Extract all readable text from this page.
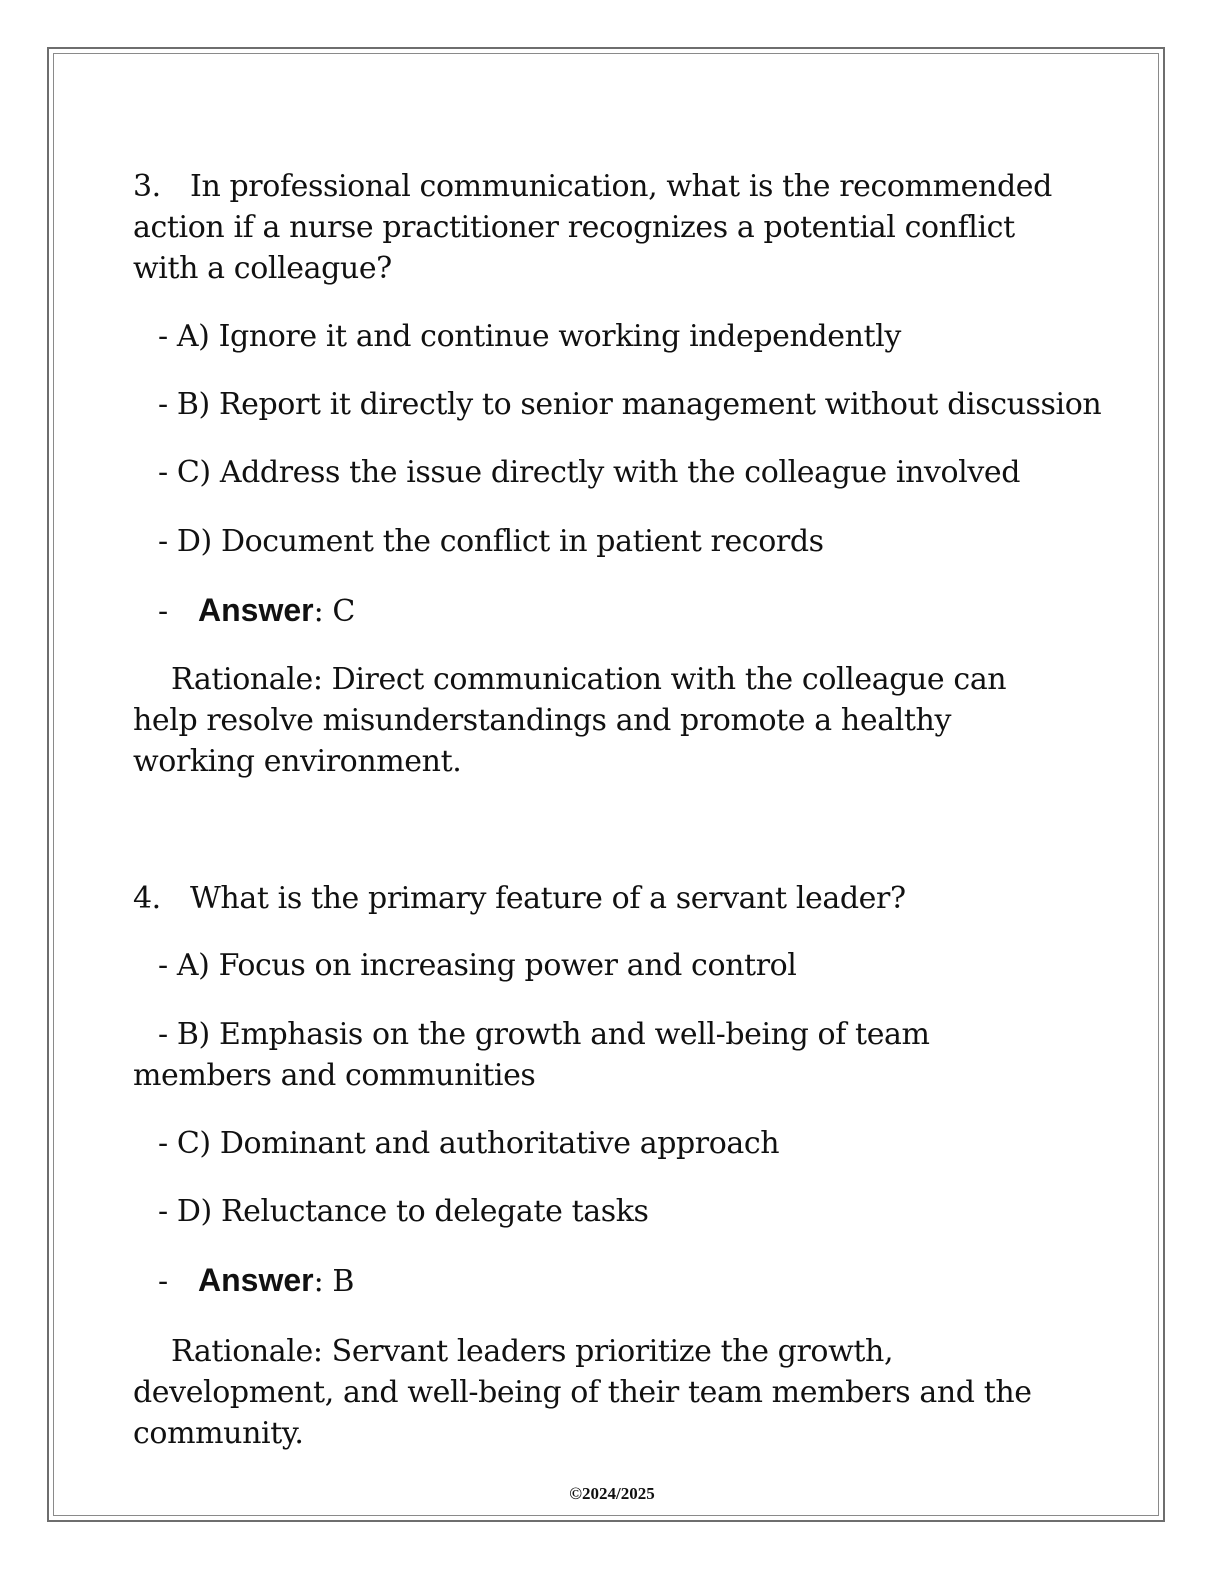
3. In professional communication, what is the recommended action if a nurse practitioner recognizes a potential conflict with a colleague?

- A) Ignore it and continue working independently

- B) Report it directly to senior management without discussion

- C) Address the issue directly with the colleague involved

- D) Document the conflict in patient records

- Answer: C

Rationale: Direct communication with the colleague can help resolve misunderstandings and promote a healthy working environment.

4. What is the primary feature of a servant leader?

- A) Focus on increasing power and control

- B) Emphasis on the growth and well-being of team members and communities

- C) Dominant and authoritative approach

- D) Reluctance to delegate tasks

- Answer: B

Rationale: Servant leaders prioritize the growth, development, and well-being of their team members and the community.

©2024/2025
